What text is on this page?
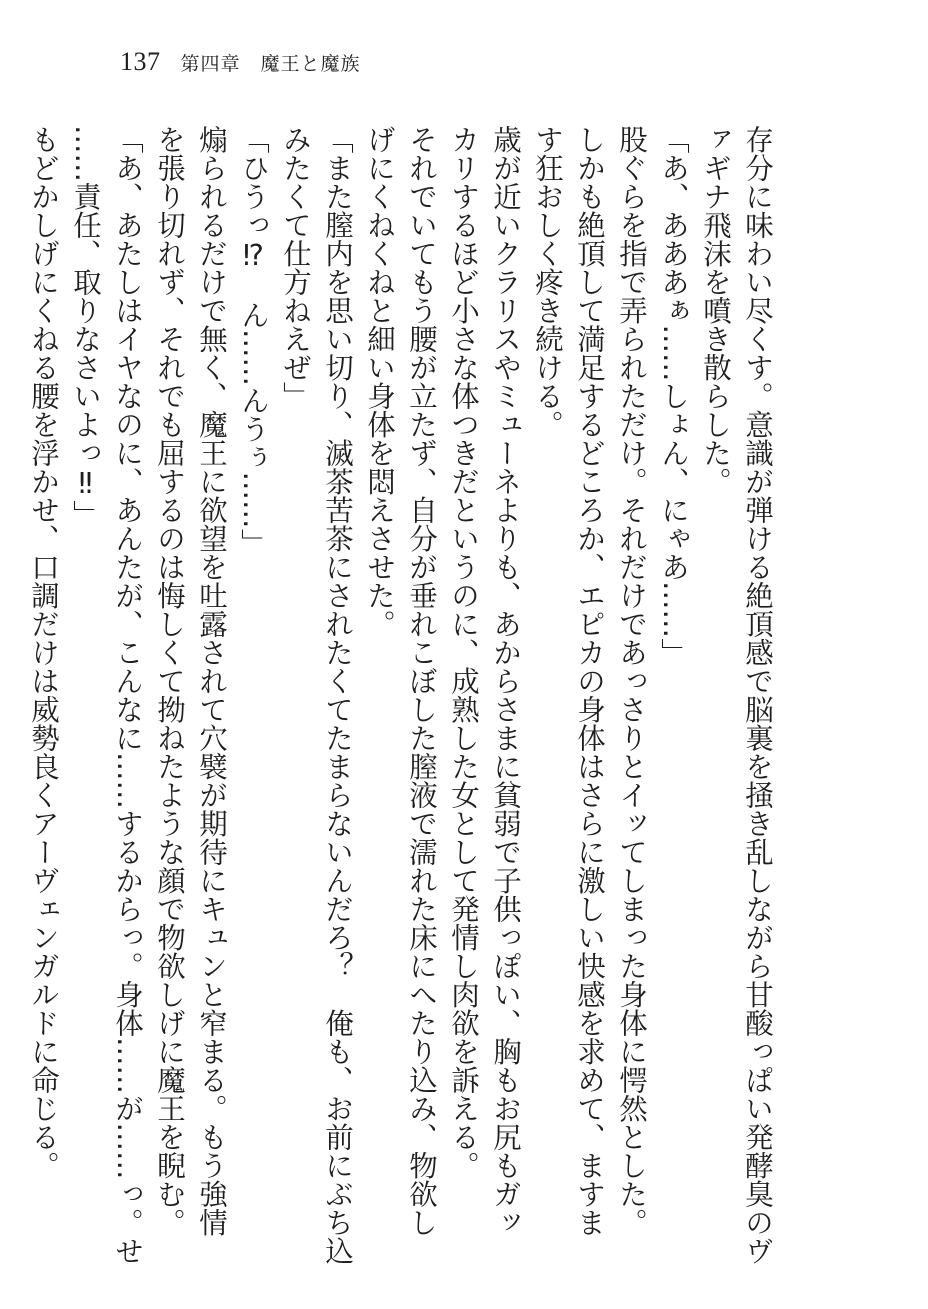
137 第四章　魔王と魔族
存分に味わい尽くす。意識が弾ける絶頂感で脳裏を掻き乱しながら甘酸っぱい発酵臭のヴ
ァギナ飛沫を噴き散らした。
「あ、あああぁ……しょん、にゃあ……」
股ぐらを指で弄られただけ。それだけであっさりとイッてしまった身体に愕然とした。
しかも絶頂して満足するどころか、エピカの身体はさらに激しい快感を求めて、ますま
す狂おしく疼き続ける。
歳が近いクラリスやミューネよりも、あからさまに貧弱で子供っぽい、胸もお尻もガッ
カリするほど小さな体つきだというのに、成熟した女として発情し肉欲を訴える。
それでいてもう腰が立たず、自分が垂れこぼした膣液で濡れた床にへたり込み、物欲し
げにくねくねと細い身体を悶えさせた。
「また膣内を思い切り、滅茶苦茶にされたくてたまらないんだろ？　俺も、お前にぶち込
みたくて仕方ねえぜ」
「ひうっ⁉　ん……んうぅ……」
煽られるだけで無く、魔王に欲望を吐露されて穴襞が期待にキュンと窄まる。もう強情
を張り切れず、それでも屈するのは悔しくて拗ねたような顔で物欲しげに魔王を睨む。
「あ、あたしはイヤなのに、あんたが、こんなに……するからっ。身体……が……っ。せ
……責任、取りなさいよっ‼」
もどかしげにくねる腰を浮かせ、口調だけは威勢良くアーヴェンガルドに命じる。
